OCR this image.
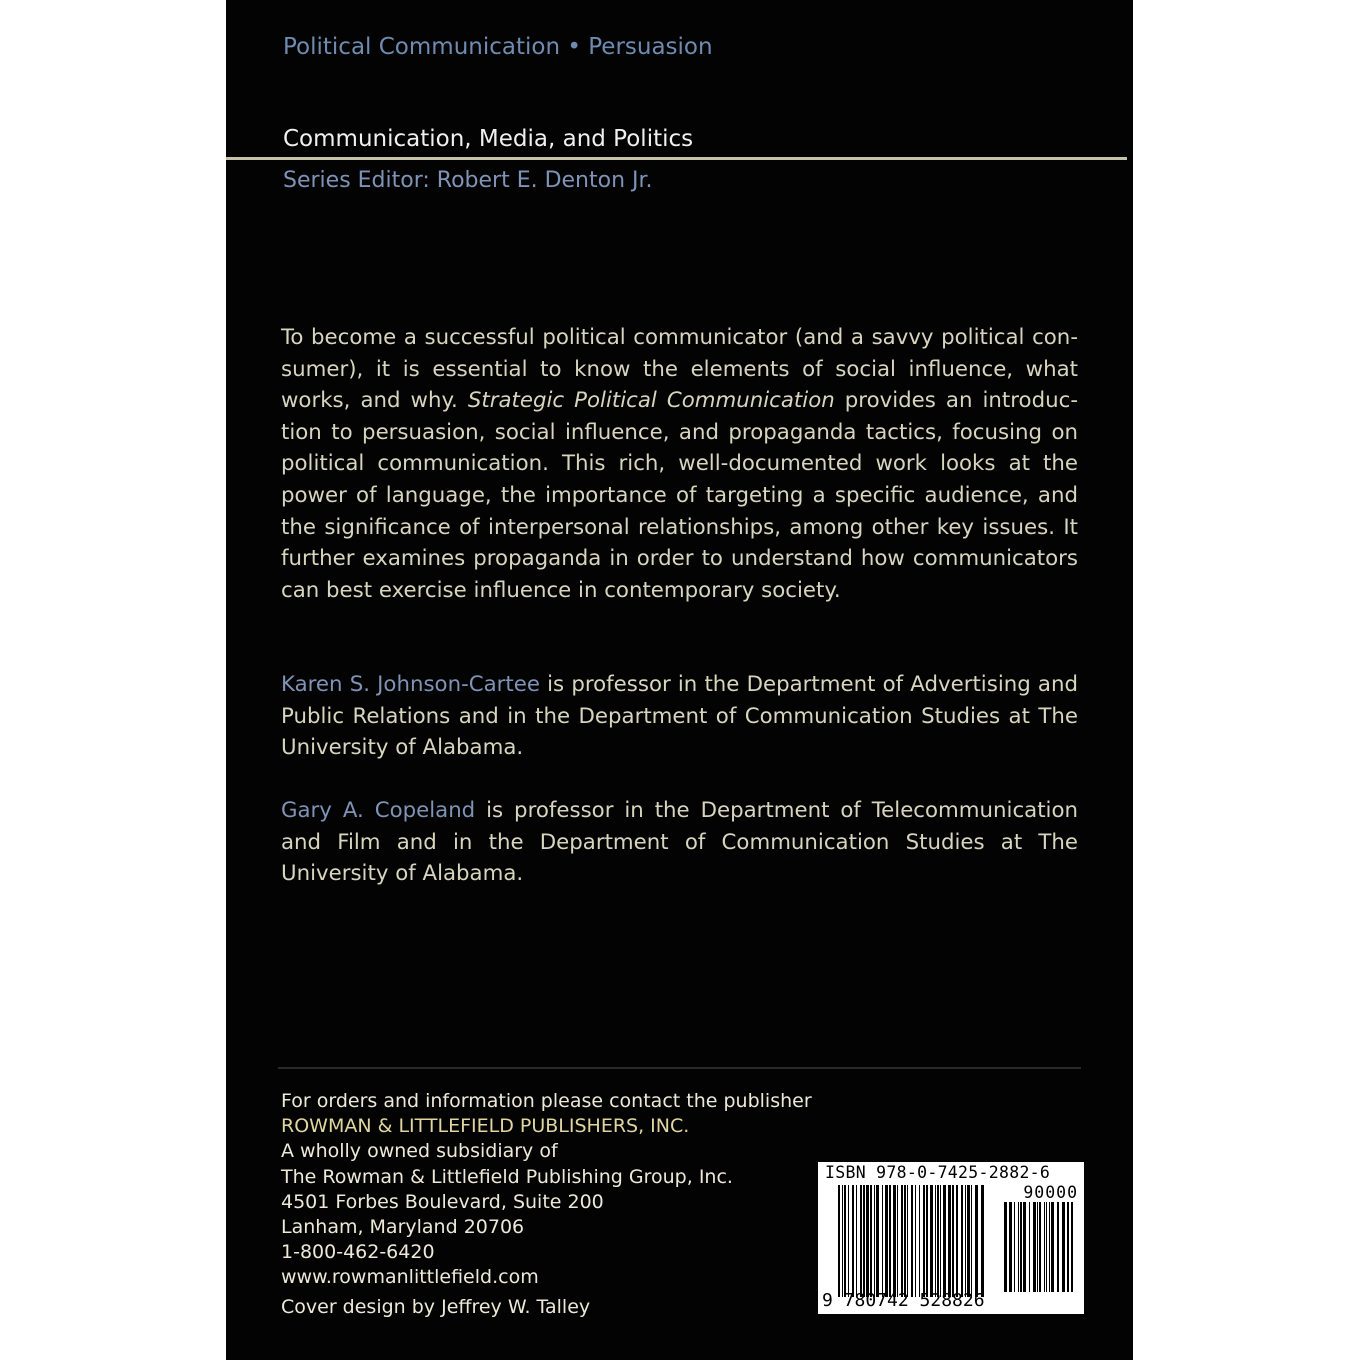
Political Communication • Persuasion
Communication, Media, and Politics
Series Editor: Robert E. Denton Jr.
To become a successful political communicator (and a savvy political consumer), it is essential to know the elements of social influence, what works, and why. Strategic Political Communication provides an introduction to persuasion, social influence, and propaganda tactics, focusing on political communication. This rich, well-documented work looks at the power of language, the importance of targeting a specific audience, and the significance of interpersonal relationships, among other key issues. It further examines propaganda in order to understand how communicators can best exercise influence in contemporary society.
Karen S. Johnson-Cartee is professor in the Department of Advertising and Public Relations and in the Department of Communication Studies at The University of Alabama.
Gary A. Copeland is professor in the Department of Telecommunication and Film and in the Department of Communication Studies at The University of Alabama.
For orders and information please contact the publisher
ROWMAN & LITTLEFIELD PUBLISHERS, INC.
A wholly owned subsidiary of
The Rowman & Littlefield Publishing Group, Inc.
4501 Forbes Boulevard, Suite 200
Lanham, Maryland 20706
1-800-462-6420
www.rowmanlittlefield.com
Cover design by Jeffrey W. Talley
ISBN 978-0-7425-2882-6
90000
9 780742 528826
